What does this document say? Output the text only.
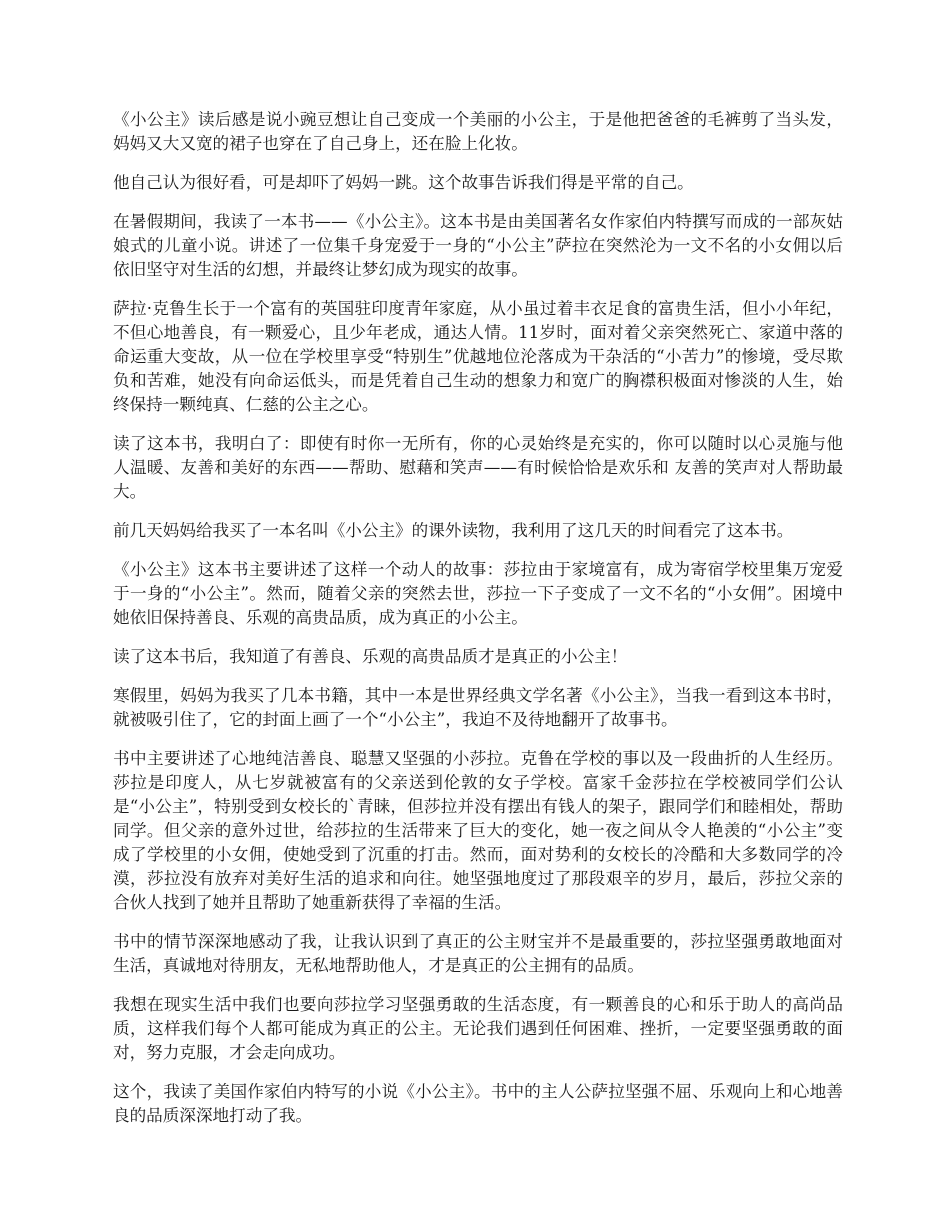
《小公主》读后感是说小豌豆想让自己变成一个美丽的小公主，于是他把爸爸的毛裤剪了当头发，妈妈又大又宽的裙子也穿在了自己身上，还在脸上化妆。

他自己认为很好看，可是却吓了妈妈一跳。这个故事告诉我们得是平常的自己。

在暑假期间，我读了一本书——《小公主》。这本书是由美国著名女作家伯内特撰写而成的一部灰姑娘式的儿童小说。讲述了一位集千身宠爱于一身的“小公主”萨拉在突然沦为一文不名的小女佣以后依旧坚守对生活的幻想，并最终让梦幻成为现实的故事。

萨拉·克鲁生长于一个富有的英国驻印度青年家庭，从小虽过着丰衣足食的富贵生活，但小小年纪，不但心地善良，有一颗爱心，且少年老成，通达人情。11岁时，面对着父亲突然死亡、家道中落的命运重大变故，从一位在学校里享受“特别生”优越地位沦落成为干杂活的“小苦力”的惨境，受尽欺负和苦难，她没有向命运低头，而是凭着自己生动的想象力和宽广的胸襟积极面对惨淡的人生，始终保持一颗纯真、仁慈的公主之心。

读了这本书，我明白了：即使有时你一无所有，你的心灵始终是充实的，你可以随时以心灵施与他人温暖、友善和美好的东西——帮助、慰藉和笑声——有时候恰恰是欢乐和 友善的笑声对人帮助最大。

前几天妈妈给我买了一本名叫《小公主》的课外读物，我利用了这几天的时间看完了这本书。

《小公主》这本书主要讲述了这样一个动人的故事：莎拉由于家境富有，成为寄宿学校里集万宠爱于一身的“小公主”。然而，随着父亲的突然去世，莎拉一下子变成了一文不名的“小女佣”。困境中她依旧保持善良、乐观的高贵品质，成为真正的小公主。

读了这本书后，我知道了有善良、乐观的高贵品质才是真正的小公主！

寒假里，妈妈为我买了几本书籍，其中一本是世界经典文学名著《小公主》，当我一看到这本书时，就被吸引住了，它的封面上画了一个“小公主”，我迫不及待地翻开了故事书。

书中主要讲述了心地纯洁善良、聪慧又坚强的小莎拉。克鲁在学校的事以及一段曲折的人生经历。莎拉是印度人，从七岁就被富有的父亲送到伦敦的女子学校。富家千金莎拉在学校被同学们公认是“小公主”，特别受到女校长的`青睐，但莎拉并没有摆出有钱人的架子，跟同学们和睦相处，帮助同学。但父亲的意外过世，给莎拉的生活带来了巨大的变化，她一夜之间从令人艳羡的“小公主”变成了学校里的小女佣，使她受到了沉重的打击。然而，面对势利的女校长的冷酷和大多数同学的冷漠，莎拉没有放弃对美好生活的追求和向往。她坚强地度过了那段艰辛的岁月，最后，莎拉父亲的合伙人找到了她并且帮助了她重新获得了幸福的生活。

书中的情节深深地感动了我，让我认识到了真正的公主财宝并不是最重要的，莎拉坚强勇敢地面对生活，真诚地对待朋友，无私地帮助他人，才是真正的公主拥有的品质。

我想在现实生活中我们也要向莎拉学习坚强勇敢的生活态度，有一颗善良的心和乐于助人的高尚品质，这样我们每个人都可能成为真正的公主。无论我们遇到任何困难、挫折，一定要坚强勇敢的面对，努力克服，才会走向成功。

这个，我读了美国作家伯内特写的小说《小公主》。书中的主人公萨拉坚强不屈、乐观向上和心地善良的品质深深地打动了我。
